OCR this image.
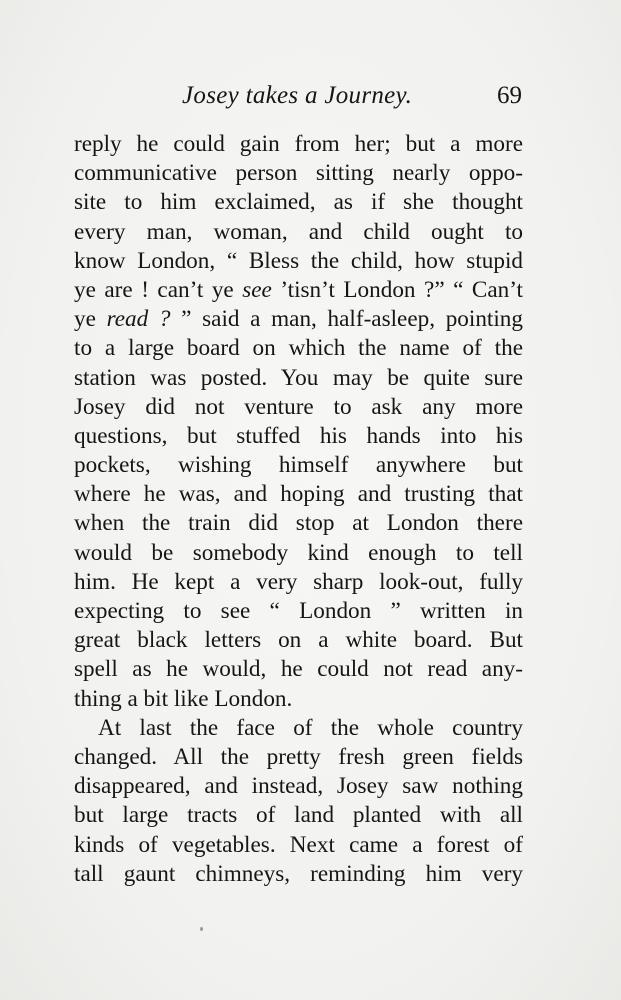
Josey takes a Journey.	69
reply he could gain from her; but a more
communicative person sitting nearly oppo-
site to him exclaimed, as if she thought
every man, woman, and child ought to
know London, “ Bless the child, how stupid
ye are ! can’t ye see ’tisn’t London ?” “ Can’t
ye read ? ” said a man, half-asleep, pointing
to a large board on which the name of the
station was posted. You may be quite sure
Josey did not venture to ask any more
questions, but stuffed his hands into his
pockets, wishing himself anywhere but
where he was, and hoping and trusting that
when the train did stop at London there
would be somebody kind enough to tell
him. He kept a very sharp look-out, fully
expecting to see “ London ” written in
great black letters on a white board. But
spell as he would, he could not read any-
thing a bit like London.
At last the face of the whole country
changed. All the pretty fresh green fields
disappeared, and instead, Josey saw nothing
but large tracts of land planted with all
kinds of vegetables. Next came a forest of
tall gaunt chimneys, reminding him very
